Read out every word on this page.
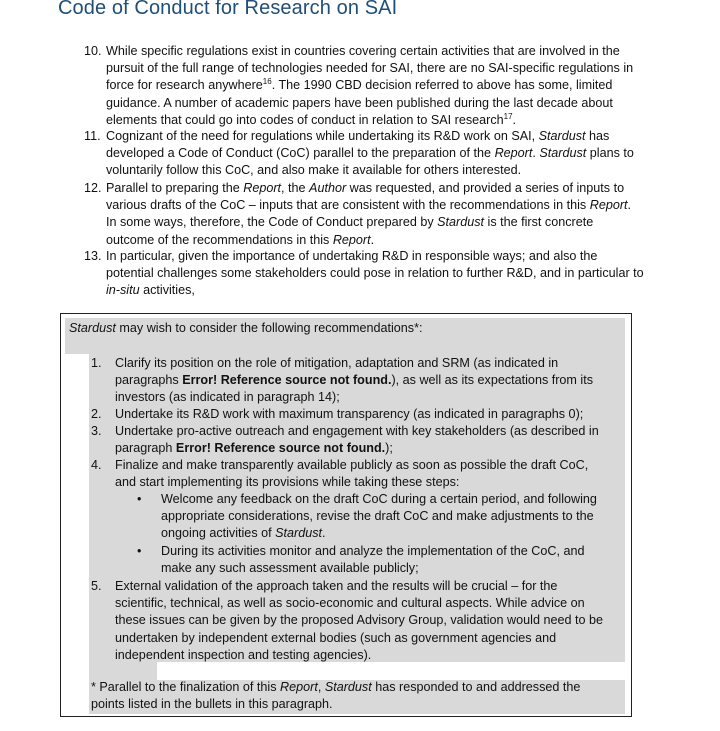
Code of Conduct for Research on SAI
10. While specific regulations exist in countries covering certain activities that are involved in the pursuit of the full range of technologies needed for SAI, there are no SAI-specific regulations in force for research anywhere$^{16}$. The 1990 CBD decision referred to above has some, limited guidance. A number of academic papers have been published during the last decade about elements that could go into codes of conduct in relation to SAI research$^{17}$.
11. Cognizant of the need for regulations while undertaking its R&D work on SAI, Stardust has developed a Code of Conduct (CoC) parallel to the preparation of the Report. Stardust plans to voluntarily follow this CoC, and also make it available for others interested.
12. Parallel to preparing the Report, the Author was requested, and provided a series of inputs to various drafts of the CoC – inputs that are consistent with the recommendations in this Report. In some ways, therefore, the Code of Conduct prepared by Stardust is the first concrete outcome of the recommendations in this Report.
13. In particular, given the importance of undertaking R&D in responsible ways; and also the potential challenges some stakeholders could pose in relation to further R&D, and in particular to in-situ activities,
Stardust may wish to consider the following recommendations*:
1. Clarify its position on the role of mitigation, adaptation and SRM (as indicated in paragraphs Error! Reference source not found.), as well as its expectations from its investors (as indicated in paragraph 14);
2. Undertake its R&D work with maximum transparency (as indicated in paragraphs 0);
3. Undertake pro-active outreach and engagement with key stakeholders (as described in paragraph Error! Reference source not found.);
4. Finalize and make transparently available publicly as soon as possible the draft CoC, and start implementing its provisions while taking these steps:
• Welcome any feedback on the draft CoC during a certain period, and following appropriate considerations, revise the draft CoC and make adjustments to the ongoing activities of Stardust.
• During its activities monitor and analyze the implementation of the CoC, and make any such assessment available publicly;
5. External validation of the approach taken and the results will be crucial – for the scientific, technical, as well as socio-economic and cultural aspects. While advice on these issues can be given by the proposed Advisory Group, validation would need to be undertaken by independent external bodies (such as government agencies and independent inspection and testing agencies).
* Parallel to the finalization of this Report, Stardust has responded to and addressed the points listed in the bullets in this paragraph.
